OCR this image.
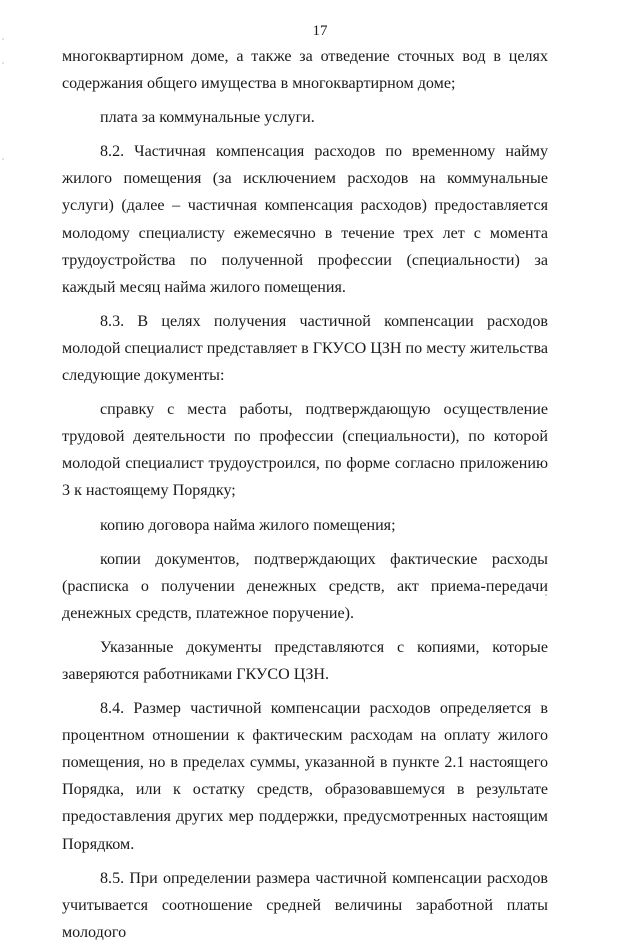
17

многоквартирном доме, а также за отведение сточных вод в целях содержания общего имущества в многоквартирном доме;

плата за коммунальные услуги.

8.2. Частичная компенсация расходов по временному найму жилого помещения (за исключением расходов на коммунальные услуги) (далее – частичная компенсация расходов) предоставляется молодому специалисту ежемесячно в течение трех лет с момента трудоустройства по полученной профессии (специальности) за каждый месяц найма жилого помещения.

8.3. В целях получения частичной компенсации расходов молодой специалист представляет в ГКУСО ЦЗН по месту жительства следующие документы:

справку с места работы, подтверждающую осуществление трудовой деятельности по профессии (специальности), по которой молодой специалист трудоустроился, по форме согласно приложению 3 к настоящему Порядку;

копию договора найма жилого помещения;

копии документов, подтверждающих фактические расходы (расписка о получении денежных средств, акт приема-передачи денежных средств, платежное поручение).

Указанные документы представляются с копиями, которые заверяются работниками ГКУСО ЦЗН.

8.4. Размер частичной компенсации расходов определяется в процентном отношении к фактическим расходам на оплату жилого помещения, но в пределах суммы, указанной в пункте 2.1 настоящего Порядка, или к остатку средств, образовавшемуся в результате предоставления других мер поддержки, предусмотренных настоящим Порядком.

8.5. При определении размера частичной компенсации расходов учитывается соотношение средней величины заработной платы молодого
